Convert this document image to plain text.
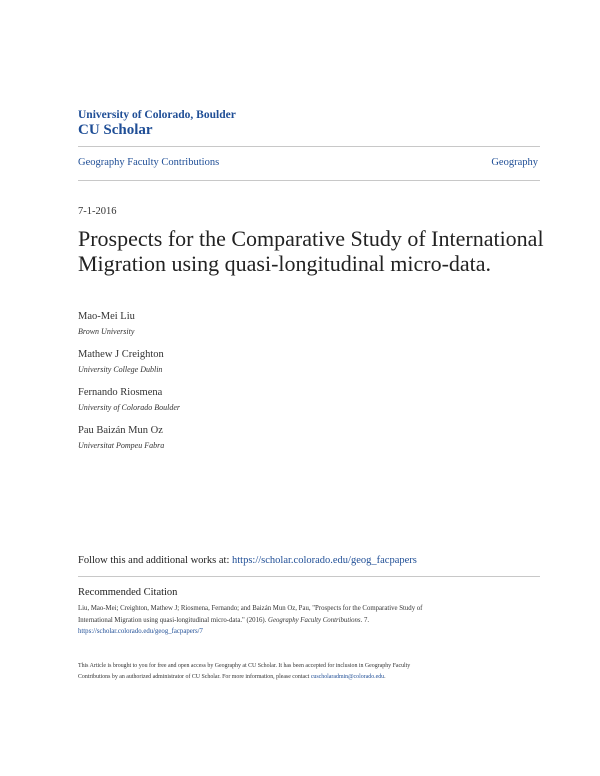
University of Colorado, Boulder
CU Scholar
Geography Faculty Contributions	Geography
7-1-2016
Prospects for the Comparative Study of International Migration using quasi-longitudinal micro-data.
Mao-Mei Liu
Brown University
Mathew J Creighton
University College Dublin
Fernando Riosmena
University of Colorado Boulder
Pau Baizán Mun Oz
Universitat Pompeu Fabra
Follow this and additional works at: https://scholar.colorado.edu/geog_facpapers
Recommended Citation
Liu, Mao-Mei; Creighton, Mathew J; Riosmena, Fernando; and Baizán Mun Oz, Pau, "Prospects for the Comparative Study of
International Migration using quasi-longitudinal micro-data." (2016). Geography Faculty Contributions. 7.
https://scholar.colorado.edu/geog_facpapers/7
This Article is brought to you for free and open access by Geography at CU Scholar. It has been accepted for inclusion in Geography Faculty
Contributions by an authorized administrator of CU Scholar. For more information, please contact cuscholaradmin@colorado.edu.
